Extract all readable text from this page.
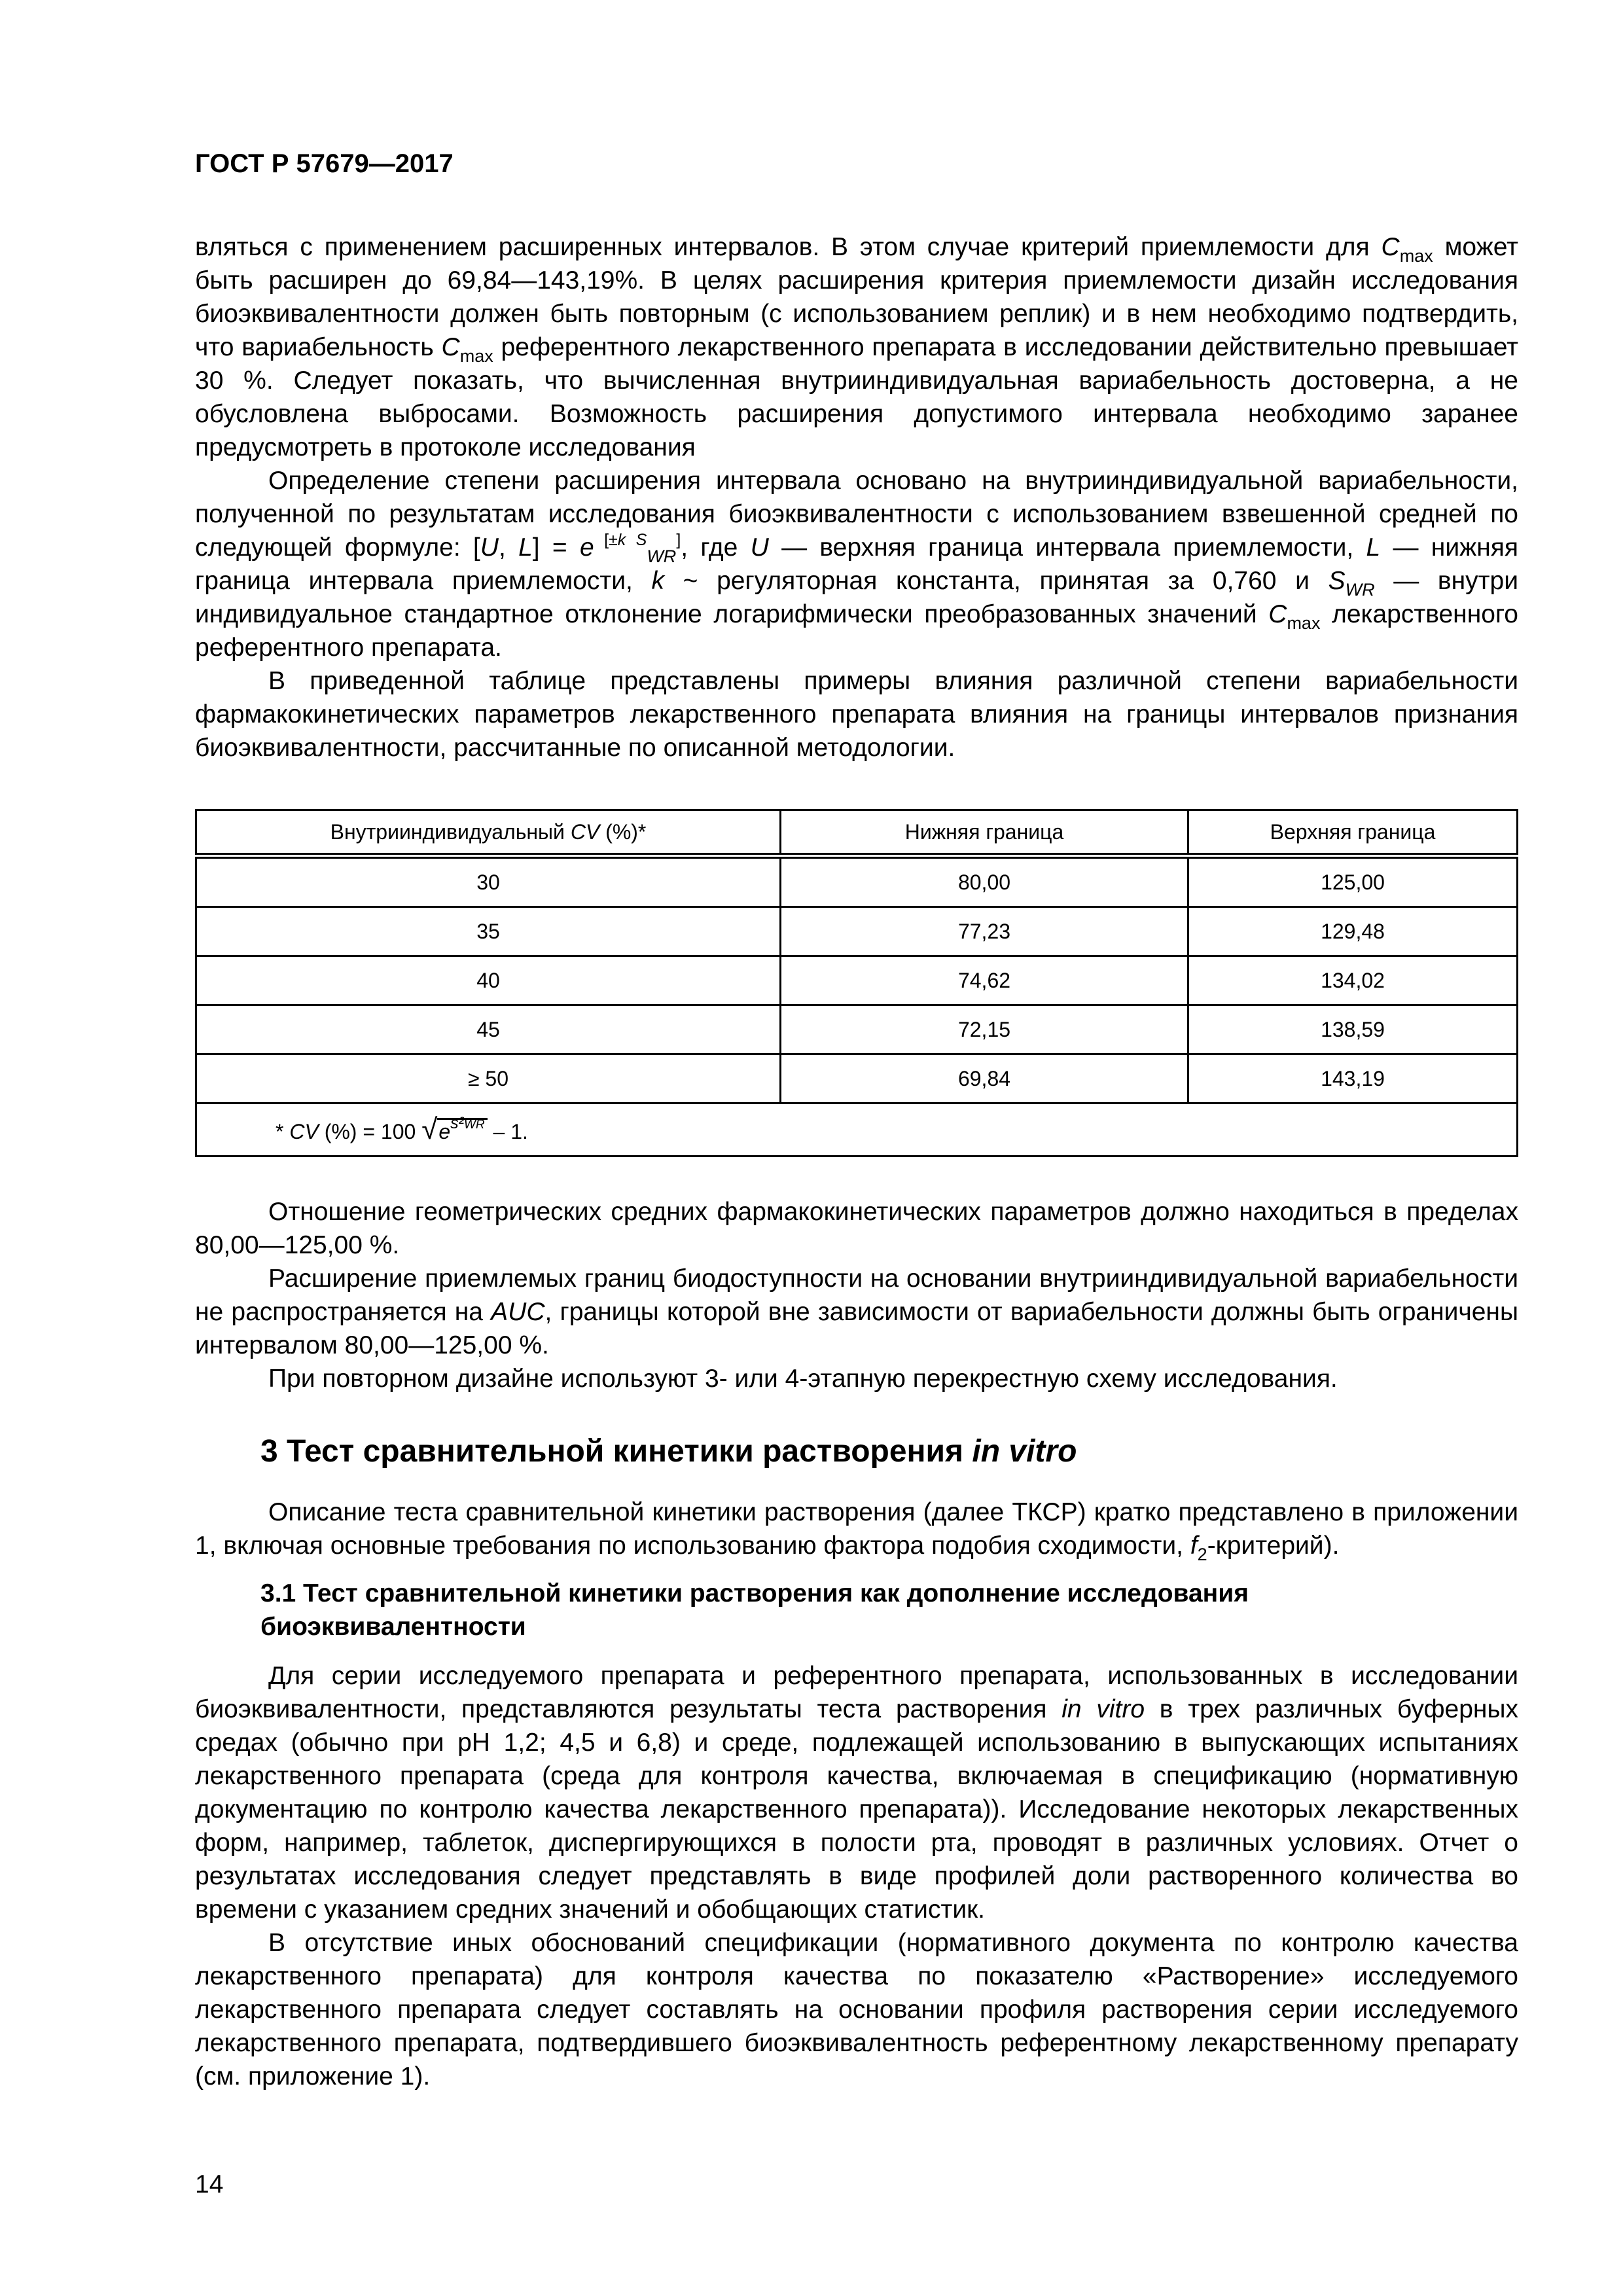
ГОСТ Р 57679—2017

вляться с применением расширенных интервалов. В этом случае критерий приемлемости для $C_{max}$ может быть расширен до 69,84—143,19%. В целях расширения критерия приемлемости дизайн исследования биоэквивалентности должен быть повторным (с использованием реплик) и в нем необходимо подтвердить, что вариабельность $C_{max}$ референтного лекарственного препарата в исследовании действительно превышает 30 %. Следует показать, что вычисленная внутрииндивидуальная вариабельность достоверна, а не обусловлена выбросами. Возможность расширения допустимого интервала необходимо заранее предусмотреть в протоколе исследования

Определение степени расширения интервала основано на внутрииндивидуальной вариабельности, полученной по результатам исследования биоэквивалентности с использованием взвешенной средней по следующей формуле: [U, L] = e $^{[\pm k S}_{WR}$], где U — верхняя граница интервала приемлемости, L — нижняя граница интервала приемлемости, k ~ регуляторная константа, принятая за 0,760 и $S_{WR}$ — внутри индивидуальное стандартное отклонение логарифмически преобразованных значений $C_{max}$ лекарственного референтного препарата.

В приведенной таблице представлены примеры влияния различной степени вариабельности фармакокинетических параметров лекарственного препарата влияния на границы интервалов признания биоэквивалентности, рассчитанные по описанной методологии.

Внутрииндивидуальный CV (%)*	Нижняя граница	Верхняя граница
30	80,00	125,00
35	77,23	129,48
40	74,62	134,02
45	72,15	138,59
≥ 50	69,84	143,19
* CV (%) = 100 $√e^{s^2WR} - 1$.		

Отношение геометрических средних фармакокинетических параметров должно находиться в пределах 80,00—125,00 %.

Расширение приемлемых границ биодоступности на основании внутрииндивидуальной вариабельности не распространяется на AUC, границы которой вне зависимости от вариабельности должны быть ограничены интервалом 80,00—125,00 %.

При повторном дизайне используют 3- или 4-этапную перекрестную схему исследования.

3 Тест сравнительной кинетики растворения in vitro

Описание теста сравнительной кинетики растворения (далее ТКСР) кратко представлено в приложении 1, включая основные требования по использованию фактора подобия сходимости, $f_2-критерий$).

3.1 Тест сравнительной кинетики растворения как дополнение исследования биоэквивалентности

Для серии исследуемого препарата и референтного препарата, использованных в исследовании биоэквивалентности, представляются результаты теста растворения in vitro в трех различных буферных средах (обычно при рН 1,2; 4,5 и 6,8) и среде, подлежащей использованию в выпускающих испытаниях лекарственного препарата (среда для контроля качества, включаемая в спецификацию (нормативную документацию по контролю качества лекарственного препарата)). Исследование некоторых лекарственных форм, например, таблеток, диспергирующихся в полости рта, проводят в различных условиях. Отчет о результатах исследования следует представлять в виде профилей доли растворенного количества во времени с указанием средних значений и обобщающих статистик.

В отсутствие иных обоснований спецификации (нормативного документа по контролю качества лекарственного препарата) для контроля качества по показателю «Растворение» исследуемого лекарственного препарата следует составлять на основании профиля растворения серии исследуемого лекарственного препарата, подтвердившего биоэквивалентность референтному лекарственному препарату (см. приложение 1).

14
